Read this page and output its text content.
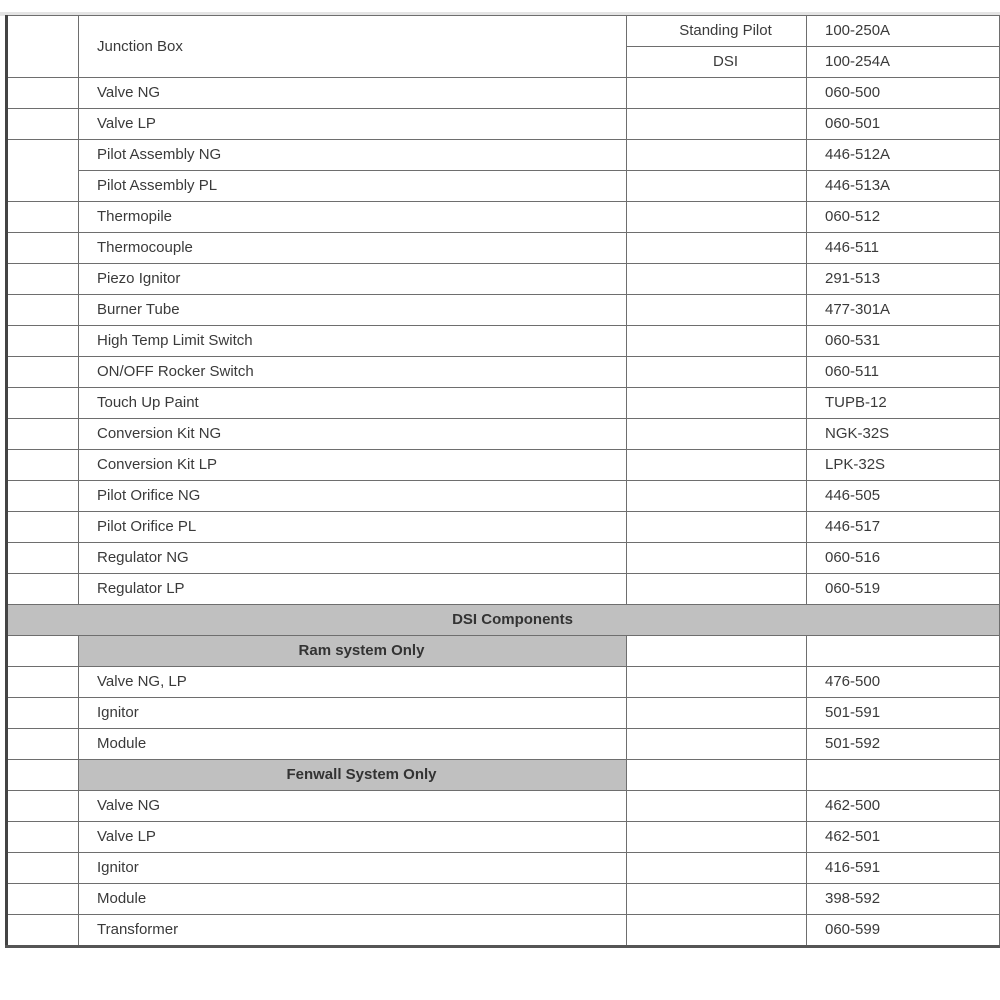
	Junction Box	Standing Pilot	100-250A
		DSI	100-254A
	Valve NG		060-500
	Valve LP		060-501
	Pilot Assembly NG		446-512A
	Pilot Assembly PL		446-513A
	Thermopile		060-512
	Thermocouple		446-511
	Piezo Ignitor		291-513
	Burner Tube		477-301A
	High Temp Limit Switch		060-531
	ON/OFF Rocker Switch		060-511
	Touch Up Paint		TUPB-12
	Conversion Kit NG		NGK-32S
	Conversion Kit LP		LPK-32S
	Pilot Orifice NG		446-505
	Pilot Orifice PL		446-517
	Regulator NG		060-516
	Regulator LP		060-519
DSI Components			
	Ram system Only		
	Valve NG, LP		476-500
	Ignitor		501-591
	Module		501-592
	Fenwall System Only		
	Valve NG		462-500
	Valve LP		462-501
	Ignitor		416-591
	Module		398-592
	Transformer		060-599
